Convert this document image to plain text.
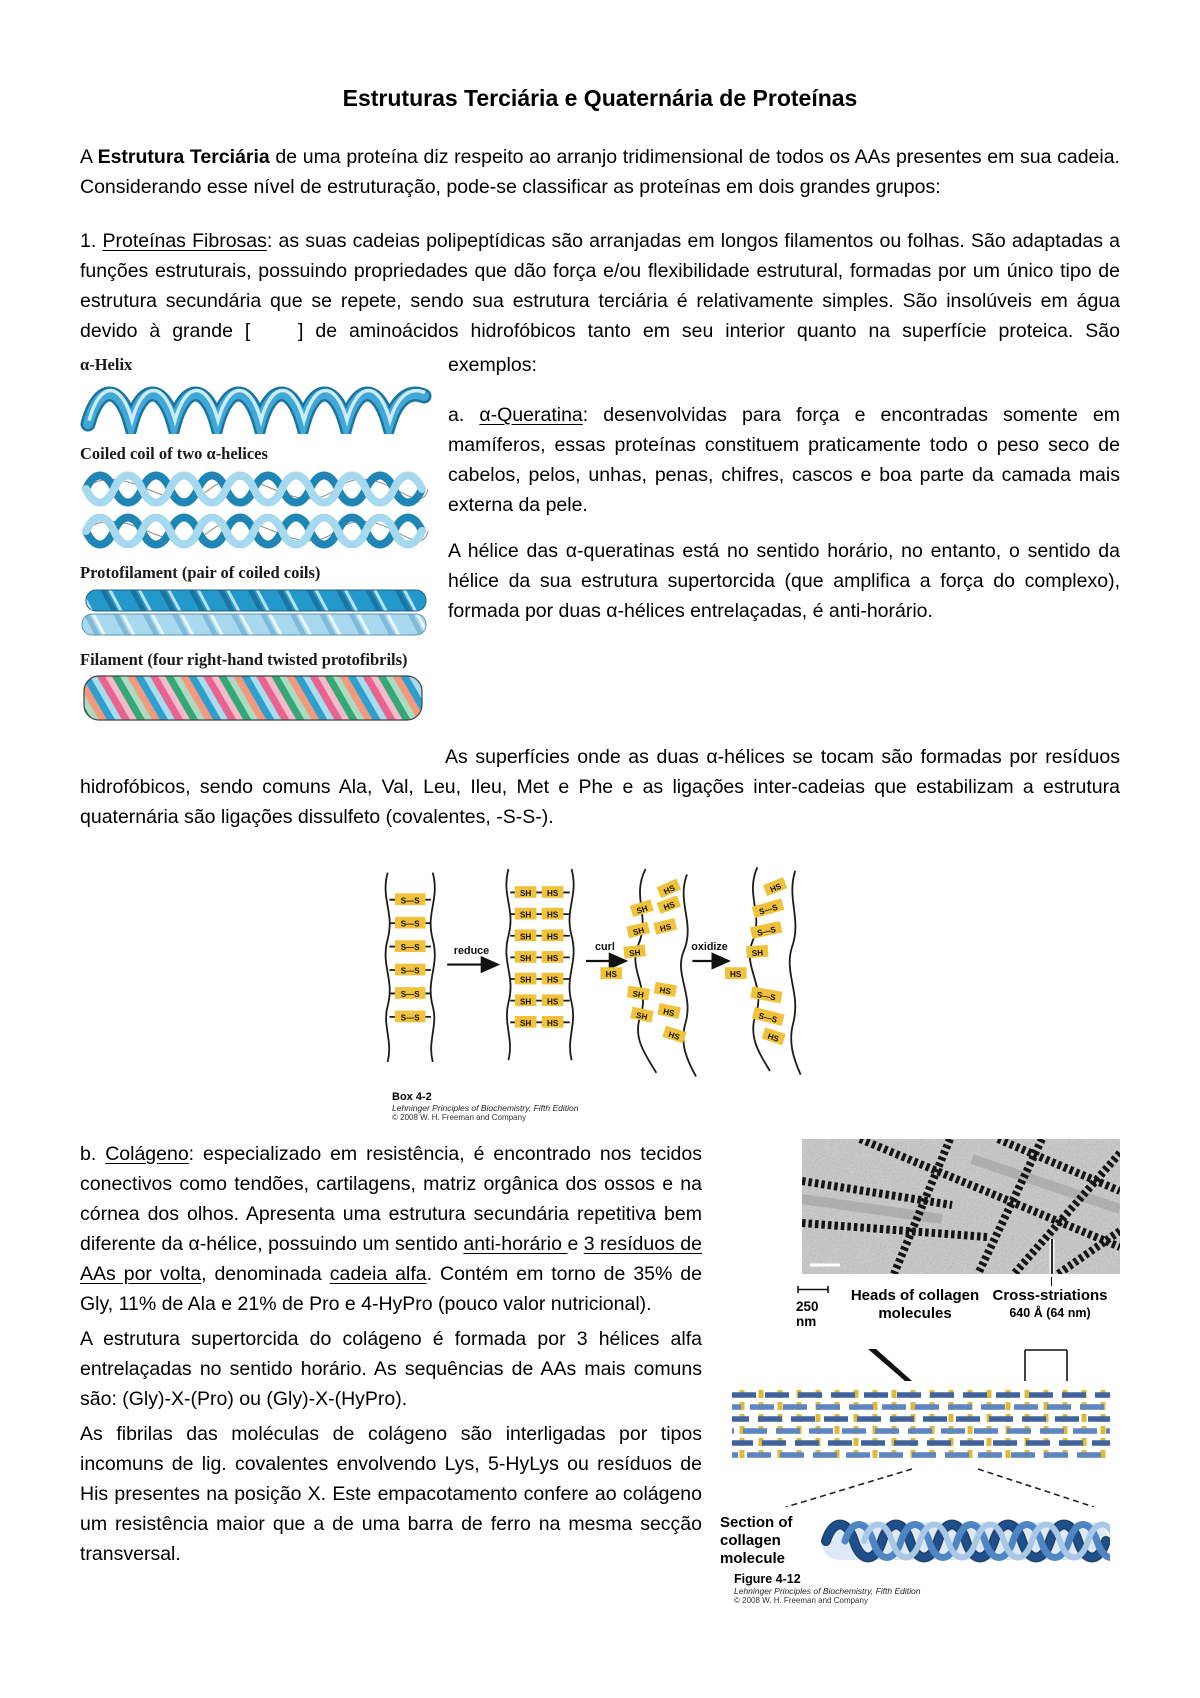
Estruturas Terciária e Quaternária de Proteínas

A Estrutura Terciária de uma proteína diz respeito ao arranjo tridimensional de todos os AAs presentes em sua cadeia. Considerando esse nível de estruturação, pode-se classificar as proteínas em dois grandes grupos:

1. Proteínas Fibrosas: as suas cadeias polipeptídicas são arranjadas em longos filamentos ou folhas. São adaptadas a funções estruturais, possuindo propriedades que dão força e/ou flexibilidade estrutural, formadas por um único tipo de estrutura secundária que se repete, sendo sua estrutura terciária é relativamente simples. São insolúveis em água devido à grande [    ] de aminoácidos hidrofóbicos tanto em seu interior quanto na superfície proteica. São

α-Helix
Coiled coil of two α-helices
Protofilament (pair of coiled coils)
Filament (four right-hand twisted protofibrils)

exemplos:

a. α-Queratina: desenvolvidas para força e encontradas somente em mamíferos, essas proteínas constituem praticamente todo o peso seco de cabelos, pelos, unhas, penas, chifres, cascos e boa parte da camada mais externa da pele.

A hélice das α-queratinas está no sentido horário, no entanto, o sentido da hélice da sua estrutura supertorcida (que amplifica a força do complexo), formada por duas α-hélices entrelaçadas, é anti-horário.

As superfícies onde as duas α-hélices se tocam são formadas por resíduos hidrofóbicos, sendo comuns Ala, Val, Leu, Ileu, Met e Phe e as ligações inter-cadeias que estabilizam a estrutura quaternária são ligações dissulfeto (covalentes, -S-S-).

reduce	curl	oxidize
S—S
S—S
S—S
S—S
S—S
S—S
SH HS
SH HS
SH HS
SH HS
SH HS
SH HS
SH HS
HS
SH HS
SH HS
SH
HS
SH HS
SH HS
HS
HS
S—S
S—S
SH
HS
S—S
S—S
HS
Box 4-2
Lehninger Principles of Biochemistry, Fifth Edition
© 2008 W. H. Freeman and Company
250
nm
Heads of collagen
molecules
Cross-striations
640 Å (64 nm)

Section of
collagen
molecule
Figure 4-12
Lehninger Principles of Biochemistry, Fifth Edition
© 2008 W. H. Freeman and Company

b. Colágeno: especializado em resistência, é encontrado nos tecidos conectivos como tendões, cartilagens, matriz orgânica dos ossos e na córnea dos olhos. Apresenta uma estrutura secundária repetitiva bem diferente da α-hélice, possuindo um sentido anti-horário e 3 resíduos de AAs por volta, denominada cadeia alfa. Contém em torno de 35% de Gly, 11% de Ala e 21% de Pro e 4-HyPro (pouco valor nutricional).

A estrutura supertorcida do colágeno é formada por 3 hélices alfa entrelaçadas no sentido horário. As sequências de AAs mais comuns são: (Gly)-X-(Pro) ou (Gly)-X-(HyPro).

As fibrilas das moléculas de colágeno são interligadas por tipos incomuns de lig. covalentes envolvendo Lys, 5-HyLys ou resíduos de His presentes na posição X. Este empacotamento confere ao colágeno um resistência maior que a de uma barra de ferro na mesma secção transversal.
